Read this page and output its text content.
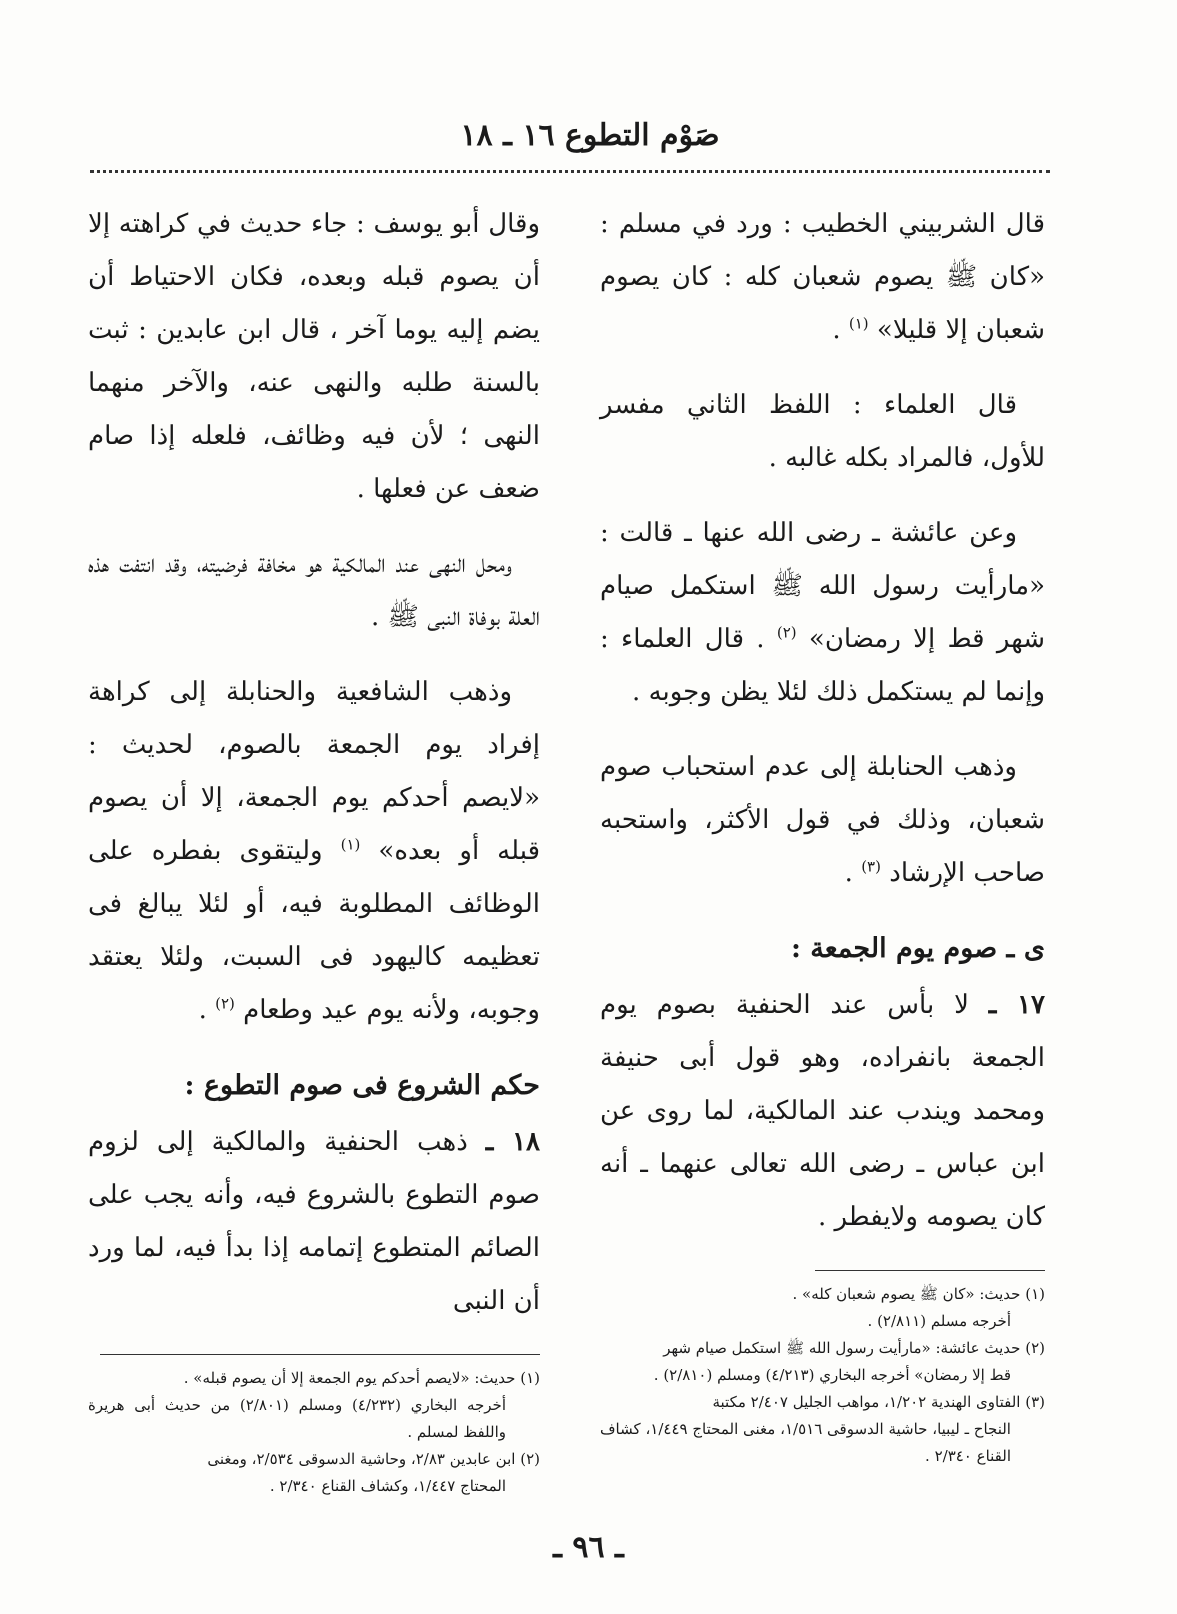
صَوْم التطوع ١٦ ـ ١٨

قال الشربيني الخطيب : ورد في مسلم : «كان ﷺ يصوم شعبان كله : كان يصوم شعبان إلا قليلا» $^{(١)}$ .

قال العلماء : اللفظ الثاني مفسر للأول، فالمراد بكله غالبه .

وعن عائشة ـ رضى الله عنها ـ قالت : «مارأيت رسول الله ﷺ استكمل صيام شهر قط إلا رمضان» $^{(٢)}$ . قال العلماء : وإنما لم يستكمل ذلك لئلا يظن وجوبه .

وذهب الحنابلة إلى عدم استحباب صوم شعبان، وذلك في قول الأكثر، واستحبه صاحب الإرشاد $^{(٣)}$ .

ى ـ صوم يوم الجمعة :

١٧ ـ لا بأس عند الحنفية بصوم يوم الجمعة بانفراده، وهو قول أبى حنيفة ومحمد ويندب عند المالكية، لما روى عن ابن عباس ـ رضى الله تعالى عنهما ـ أنه كان يصومه ولايفطر .

(١) حديث: «كان ﷺ يصوم شعبان كله» .
أخرجه مسلم (٢/٨١١) .

(٢) حديث عائشة: «مارأيت رسول الله ﷺ استكمل صيام شهر
قط إلا رمضان» أخرجه البخاري (٤/٢١٣) ومسلم (٢/٨١٠) .

(٣) الفتاوى الهندية ١/٢٠٢، مواهب الجليل ٢/٤٠٧ مكتبة
النجاح ـ ليبيا، حاشية الدسوقى ١/٥١٦، مغنى المحتاج ١/٤٤٩، كشاف القناع ٢/٣٤٠ .

وقال أبو يوسف : جاء حديث في كراهته إلا أن يصوم قبله وبعده، فكان الاحتياط أن يضم إليه يوما آخر ، قال ابن عابدين : ثبت بالسنة طلبه والنهى عنه، والآخر منهما النهى ؛ لأن فيه وظائف، فلعله إذا صام ضعف عن فعلها .

ومحل النهى عند المالكية هو مخافة فرضيته، وقد انتفت هذه العلة بوفاة النبى ﷺ .

وذهب الشافعية والحنابلة إلى كراهة إفراد يوم الجمعة بالصوم، لحديث : «لايصم أحدكم يوم الجمعة، إلا أن يصوم قبله أو بعده» $^{(١)}$ وليتقوى بفطره على الوظائف المطلوبة فيه، أو لئلا يبالغ فى تعظيمه كاليهود فى السبت، ولئلا يعتقد وجوبه، ولأنه يوم عيد وطعام $^{(٢)}$ .

حكم الشروع فى صوم التطوع :

١٨ ـ ذهب الحنفية والمالكية إلى لزوم صوم التطوع بالشروع فيه، وأنه يجب على الصائم المتطوع إتمامه إذا بدأ فيه، لما ورد أن النبى

(١) حديث: «لايصم أحدكم يوم الجمعة إلا أن يصوم قبله» .
أخرجه البخاري (٤/٢٣٢) ومسلم (٢/٨٠١) من حديث أبى هريرة واللفظ لمسلم .

(٢) ابن عابدين ٢/٨٣، وحاشية الدسوقى ٢/٥٣٤، ومغنى
المحتاج ١/٤٤٧، وكشاف القناع ٢/٣٤٠ .

ـ ٩٦ ـ
